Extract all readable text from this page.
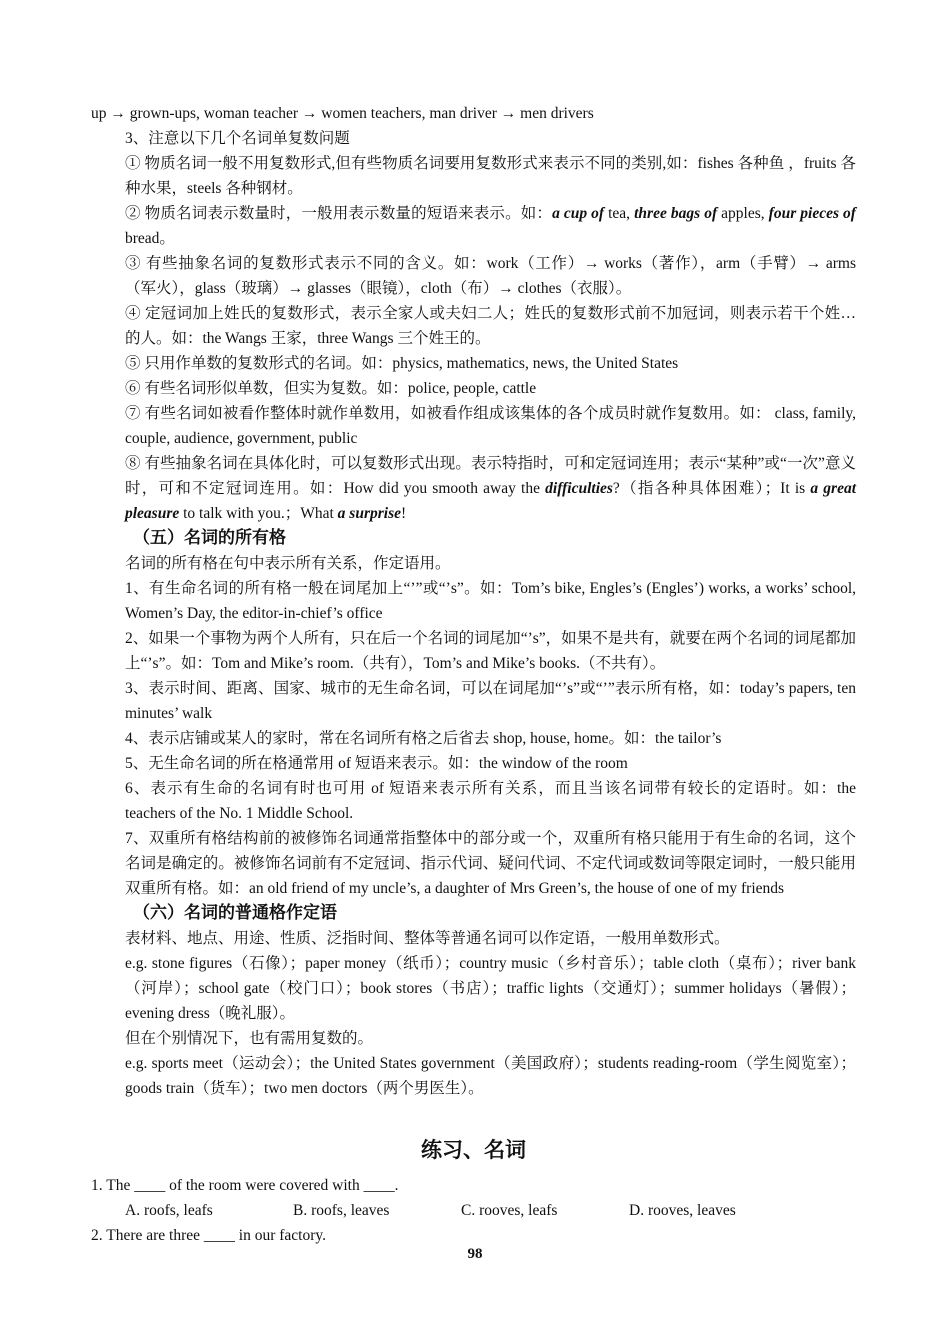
up → grown-ups, woman teacher → women teachers, man driver → men drivers
3、注意以下几个名词单复数问题
① 物质名词一般不用复数形式,但有些物质名词要用复数形式来表示不同的类别,如：fishes 各种鱼 ，fruits 各种水果，steels 各种钢材。
② 物质名词表示数量时，一般用表示数量的短语来表示。如：a cup of tea, three bags of apples, four pieces of bread。
③ 有些抽象名词的复数形式表示不同的含义。如：work（工作）→ works（著作），arm（手臂）→ arms（军火），glass（玻璃）→ glasses（眼镜），cloth（布）→ clothes（衣服）。
④ 定冠词加上姓氏的复数形式，表示全家人或夫妇二人；姓氏的复数形式前不加冠词，则表示若干个姓…的人。如：the Wangs 王家，three Wangs 三个姓王的。
⑤ 只用作单数的复数形式的名词。如：physics, mathematics, news, the United States
⑥ 有些名词形似单数，但实为复数。如：police, people, cattle
⑦ 有些名词如被看作整体时就作单数用，如被看作组成该集体的各个成员时就作复数用。如： class, family, couple, audience, government, public
⑧ 有些抽象名词在具体化时，可以复数形式出现。表示特指时，可和定冠词连用；表示“某种”或“一次”意义时，可和不定冠词连用。如：How did you smooth away the difficulties?（指各种具体困难）；It is a great pleasure to talk with you.；What a surprise!
（五）名词的所有格
名词的所有格在句中表示所有关系，作定语用。
1、有生命名词的所有格一般在词尾加上“’”或“’s”。如：Tom’s bike, Engles’s (Engles’) works, a works’ school, Women’s Day, the editor-in-chief’s office
2、如果一个事物为两个人所有，只在后一个名词的词尾加“’s”，如果不是共有，就要在两个名词的词尾都加上“’s”。如：Tom and Mike’s room.（共有），Tom’s and Mike’s books.（不共有）。
3、表示时间、距离、国家、城市的无生命名词，可以在词尾加“’s”或“’”表示所有格，如：today’s papers, ten minutes’ walk
4、表示店铺或某人的家时，常在名词所有格之后省去 shop, house, home。如：the tailor’s
5、无生命名词的所在格通常用 of 短语来表示。如：the window of the room
6、表示有生命的名词有时也可用 of 短语来表示所有关系，而且当该名词带有较长的定语时。如：the teachers of the No. 1 Middle School.
7、双重所有格结构前的被修饰名词通常指整体中的部分或一个，双重所有格只能用于有生命的名词，这个名词是确定的。被修饰名词前有不定冠词、指示代词、疑问代词、不定代词或数词等限定词时，一般只能用双重所有格。如：an old friend of my uncle’s, a daughter of Mrs Green’s, the house of one of my friends
（六）名词的普通格作定语
表材料、地点、用途、性质、泛指时间、整体等普通名词可以作定语，一般用单数形式。
e.g. stone figures（石像）；paper money（纸币）；country music（乡村音乐）；table cloth（桌布）；river bank（河岸）；school gate（校门口）；book stores（书店）；traffic lights（交通灯）；summer holidays（暑假）；evening dress（晚礼服）。
但在个别情况下，也有需用复数的。
e.g. sports meet（运动会）；the United States government（美国政府）；students reading-room（学生阅览室）；goods train（货车）；two men doctors（两个男医生）。
练习、名词
1. The ____ of the room were covered with ____.
A. roofs, leafs	B. roofs, leaves	C. rooves, leafs	D. rooves, leaves
2. There are three ____ in our factory.
98
